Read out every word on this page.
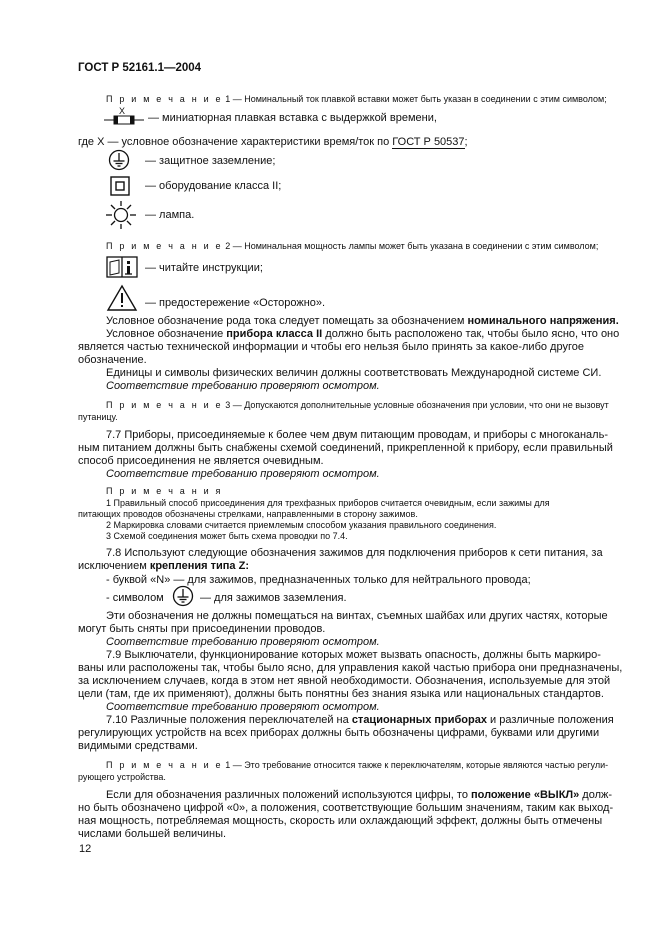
ГОСТ Р 52161.1—2004
П р и м е ч а н и е 1 — Номинальный ток плавкой вставки может быть указан в соединении с этим символом;
Х
— миниатюрная плавкая вставка с выдержкой времени,
где Х — условное обозначение характеристики время/ток по ГОСТ Р 50537;
— защитное заземление;
— оборудование класса II;
— лампа.
П р и м е ч а н и е 2 — Номинальная мощность лампы может быть указана в соединении с этим символом;
— читайте инструкции;
— предостережение «Осторожно».
Условное обозначение рода тока следует помещать за обозначением номинального напряжения.
Условное обозначение прибора класса II должно быть расположено так, чтобы было ясно, что оно
является частью технической информации и чтобы его нельзя было принять за какое-либо другое
обозначение.
Единицы и символы физических величин должны соответствовать Международной системе СИ.
Соответствие требованию проверяют осмотром.
П р и м е ч а н и е 3 — Допускаются дополнительные условные обозначения при условии, что они не вызовут
путаницу.
7.7 Приборы, присоединяемые к более чем двум питающим проводам, и приборы с многоканаль-
ным питанием должны быть снабжены схемой соединений, прикрепленной к прибору, если правильный
способ присоединения не является очевидным.
Соответствие требованию проверяют осмотром.
П р и м е ч а н и я
1 Правильный способ присоединения для трехфазных приборов считается очевидным, если зажимы для
питающих проводов обозначены стрелками, направленными в сторону зажимов.
2 Маркировка словами считается приемлемым способом указания правильного соединения.
3 Схемой соединения может быть схема проводки по 7.4.
7.8 Используют следующие обозначения зажимов для подключения приборов к сети питания, за
исключением крепления типа Z:
- буквой «N» — для зажимов, предназначенных только для нейтрального провода;
- символом	— для зажимов заземления.
Эти обозначения не должны помещаться на винтах, съемных шайбах или других частях, которые
могут быть сняты при присоединении проводов.
Соответствие требованию проверяют осмотром.
7.9 Выключатели, функционирование которых может вызвать опасность, должны быть маркиро-
ваны или расположены так, чтобы было ясно, для управления какой частью прибора они предназначены,
за исключением случаев, когда в этом нет явной необходимости. Обозначения, используемые для этой
цели (там, где их применяют), должны быть понятны без знания языка или национальных стандартов.
Соответствие требованию проверяют осмотром.
7.10 Различные положения переключателей на стационарных приборах и различные положения
регулирующих устройств на всех приборах должны быть обозначены цифрами, буквами или другими
видимыми средствами.
П р и м е ч а н и е 1 — Это требование относится также к переключателям, которые являются частью регули-
рующего устройства.
Если для обозначения различных положений используются цифры, то положение «ВЫКЛ» долж-
но быть обозначено цифрой «0», а положения, соответствующие большим значениям, таким как выход-
ная мощность, потребляемая мощность, скорость или охлаждающий эффект, должны быть отмечены
числами большей величины.
12
